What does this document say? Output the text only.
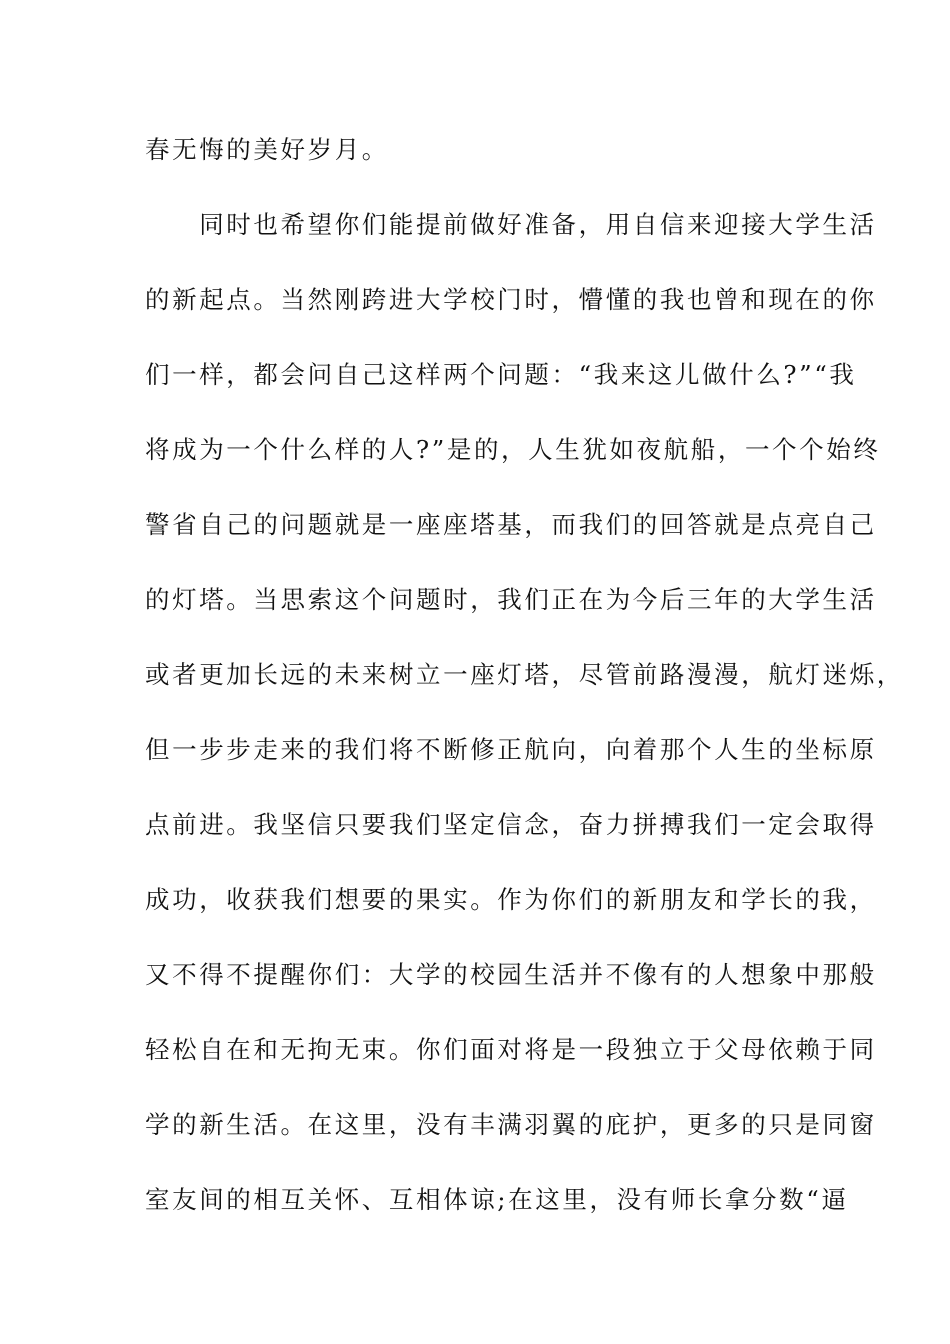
春无悔的美好岁月。
　　同时也希望你们能提前做好准备，用自信来迎接大学生活
的新起点。当然刚跨进大学校门时，懵懂的我也曾和现在的你
们一样，都会问自己这样两个问题：“我来这儿做什么?”“我
将成为一个什么样的人?”是的，人生犹如夜航船，一个个始终
警省自己的问题就是一座座塔基，而我们的回答就是点亮自己
的灯塔。当思索这个问题时，我们正在为今后三年的大学生活
或者更加长远的未来树立一座灯塔，尽管前路漫漫，航灯迷烁，
但一步步走来的我们将不断修正航向，向着那个人生的坐标原
点前进。我坚信只要我们坚定信念，奋力拼搏我们一定会取得
成功，收获我们想要的果实。作为你们的新朋友和学长的我，
又不得不提醒你们：大学的校园生活并不像有的人想象中那般
轻松自在和无拘无束。你们面对将是一段独立于父母依赖于同
学的新生活。在这里，没有丰满羽翼的庇护，更多的只是同窗
室友间的相互关怀、互相体谅;在这里，没有师长拿分数“逼
